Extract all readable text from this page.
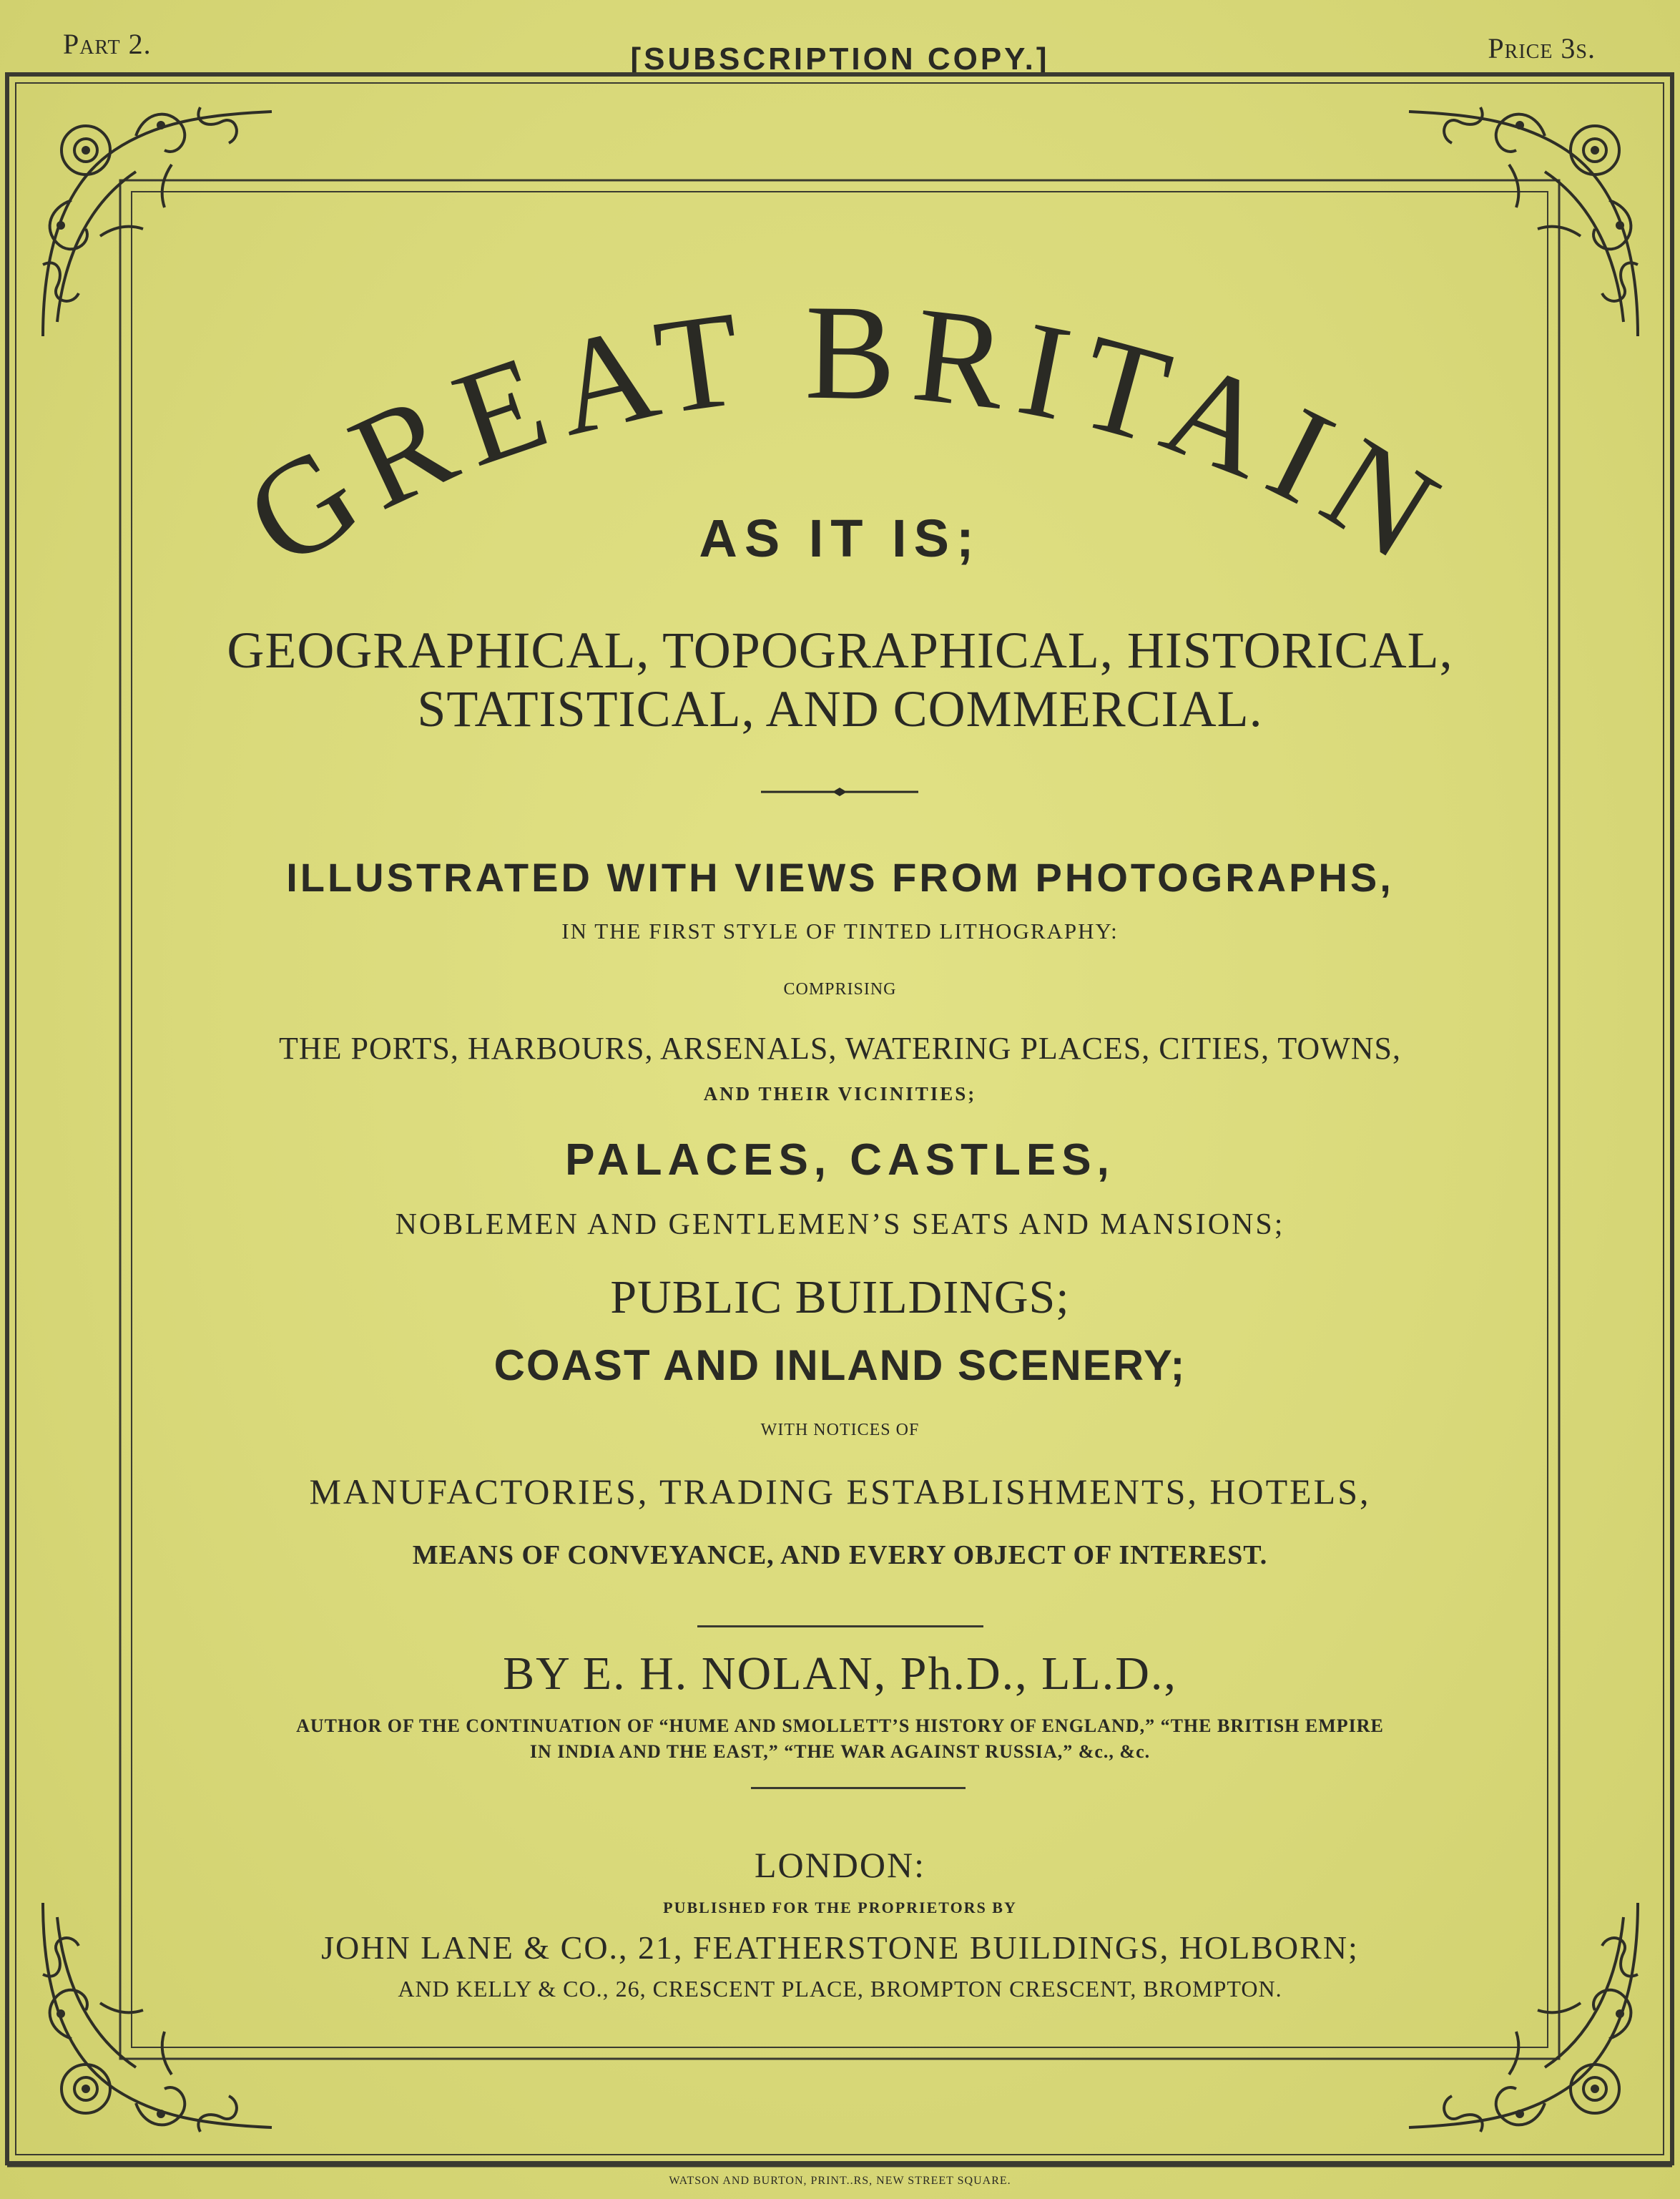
Part 2.	[SUBSCRIPTION COPY.]	Price 3s.
GREAT BRITAIN
AS IT IS;
GEOGRAPHICAL, TOPOGRAPHICAL, HISTORICAL,
STATISTICAL, AND COMMERCIAL.
ILLUSTRATED WITH VIEWS FROM PHOTOGRAPHS,
IN THE FIRST STYLE OF TINTED LITHOGRAPHY:
COMPRISING
THE PORTS, HARBOURS, ARSENALS, WATERING PLACES, CITIES, TOWNS,
AND THEIR VICINITIES;
PALACES, CASTLES,
NOBLEMEN AND GENTLEMEN’S SEATS AND MANSIONS;
PUBLIC BUILDINGS;
COAST AND INLAND SCENERY;
WITH NOTICES OF
MANUFACTORIES, TRADING ESTABLISHMENTS, HOTELS,
MEANS OF CONVEYANCE, AND EVERY OBJECT OF INTEREST.
BY E. H. NOLAN, Ph.D., LL.D.,
AUTHOR OF THE CONTINUATION OF “HUME AND SMOLLETT’S HISTORY OF ENGLAND,” “THE BRITISH EMPIRE
IN INDIA AND THE EAST,” “THE WAR AGAINST RUSSIA,” &c., &c.
LONDON:
PUBLISHED FOR THE PROPRIETORS BY
JOHN LANE & CO., 21, FEATHERSTONE BUILDINGS, HOLBORN;
AND KELLY & CO., 26, CRESCENT PLACE, BROMPTON CRESCENT, BROMPTON.
WATSON AND BURTON, PRINT..RS, NEW STREET SQUARE.
